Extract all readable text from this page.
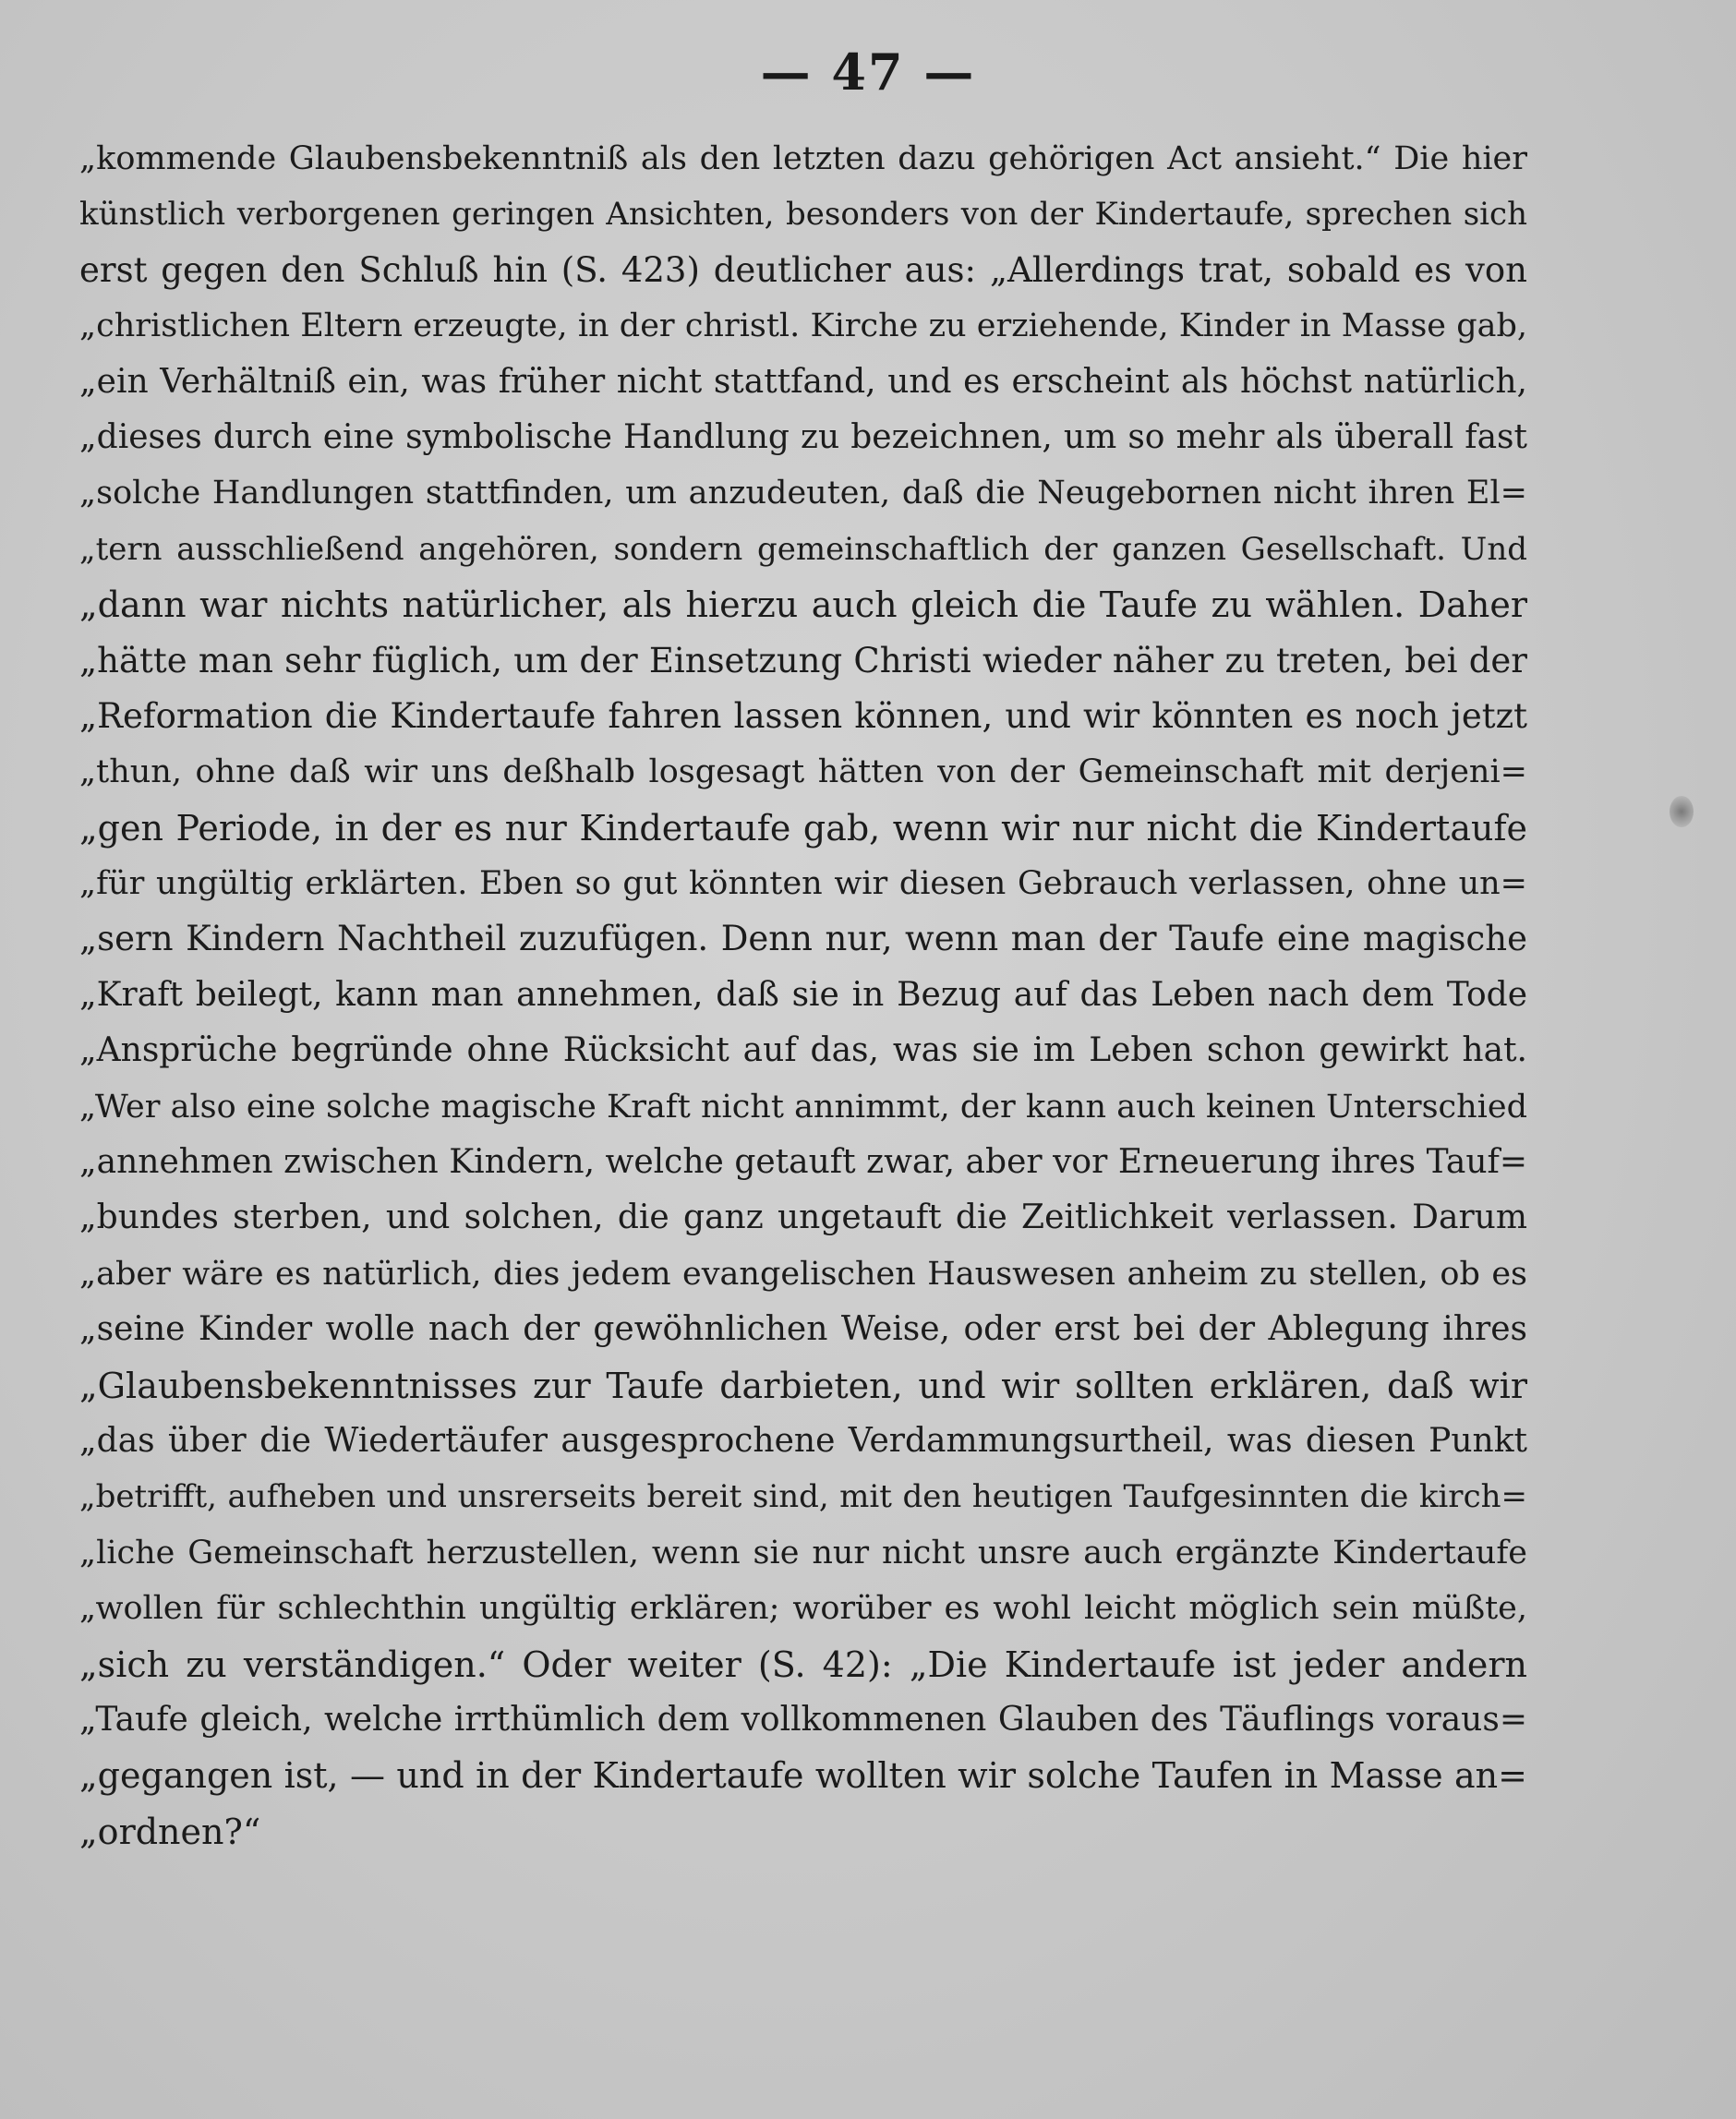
— 47 —
„kommende Glaubensbekenntniß als den letzten dazu gehörigen Act ansieht.“ Die hier
künstlich verborgenen geringen Ansichten, besonders von der Kindertaufe, sprechen sich
erst gegen den Schluß hin (S. 423) deutlicher aus: „Allerdings trat, sobald es von
„christlichen Eltern erzeugte, in der christl. Kirche zu erziehende, Kinder in Masse gab,
„ein Verhältniß ein, was früher nicht stattfand, und es erscheint als höchst natürlich,
„dieses durch eine symbolische Handlung zu bezeichnen, um so mehr als überall fast
„solche Handlungen stattfinden, um anzudeuten, daß die Neugebornen nicht ihren El=
„tern ausschließend angehören, sondern gemeinschaftlich der ganzen Gesellschaft. Und
„dann war nichts natürlicher, als hierzu auch gleich die Taufe zu wählen. Daher
„hätte man sehr füglich, um der Einsetzung Christi wieder näher zu treten, bei der
„Reformation die Kindertaufe fahren lassen können, und wir könnten es noch jetzt
„thun, ohne daß wir uns deßhalb losgesagt hätten von der Gemeinschaft mit derjeni=
„gen Periode, in der es nur Kindertaufe gab, wenn wir nur nicht die Kindertaufe
„für ungültig erklärten. Eben so gut könnten wir diesen Gebrauch verlassen, ohne un=
„sern Kindern Nachtheil zuzufügen. Denn nur, wenn man der Taufe eine magische
„Kraft beilegt, kann man annehmen, daß sie in Bezug auf das Leben nach dem Tode
„Ansprüche begründe ohne Rücksicht auf das, was sie im Leben schon gewirkt hat.
„Wer also eine solche magische Kraft nicht annimmt, der kann auch keinen Unterschied
„annehmen zwischen Kindern, welche getauft zwar, aber vor Erneuerung ihres Tauf=
„bundes sterben, und solchen, die ganz ungetauft die Zeitlichkeit verlassen. Darum
„aber wäre es natürlich, dies jedem evangelischen Hauswesen anheim zu stellen, ob es
„seine Kinder wolle nach der gewöhnlichen Weise, oder erst bei der Ablegung ihres
„Glaubensbekenntnisses zur Taufe darbieten, und wir sollten erklären, daß wir
„das über die Wiedertäufer ausgesprochene Verdammungsurtheil, was diesen Punkt
„betrifft, aufheben und unsrerseits bereit sind, mit den heutigen Taufgesinnten die kirch=
„liche Gemeinschaft herzustellen, wenn sie nur nicht unsre auch ergänzte Kindertaufe
„wollen für schlechthin ungültig erklären; worüber es wohl leicht möglich sein müßte,
„sich zu verständigen.“ Oder weiter (S. 42): „Die Kindertaufe ist jeder andern
„Taufe gleich, welche irrthümlich dem vollkommenen Glauben des Täuflings voraus=
„gegangen ist, — und in der Kindertaufe wollten wir solche Taufen in Masse an=
„ordnen?“
